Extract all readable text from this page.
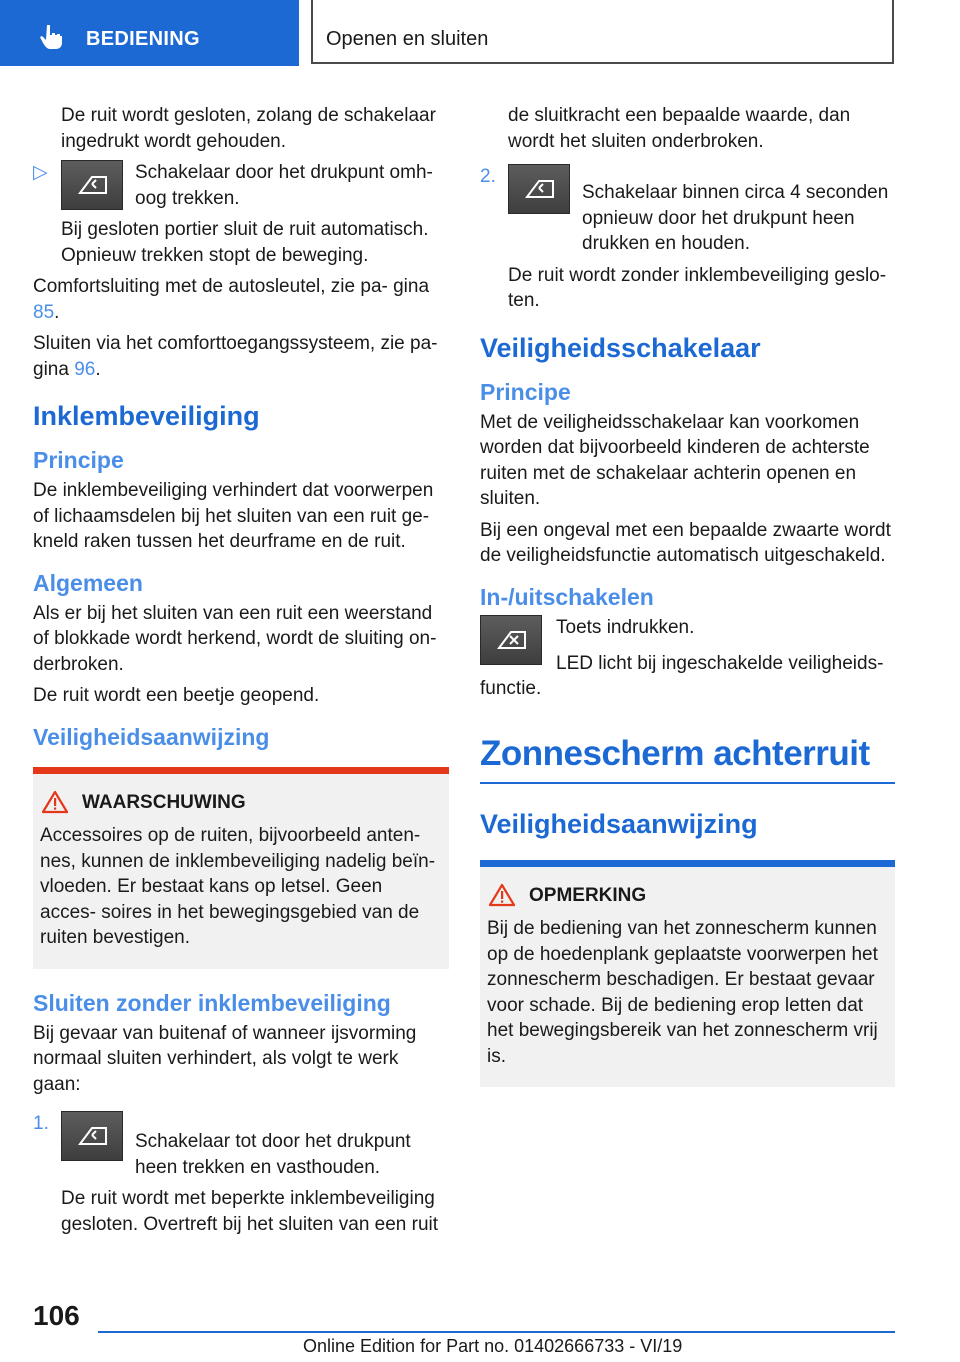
BEDIENING	Openen en sluiten

De ruit wordt gesloten, zolang de schakelaar ingedrukt wordt gehouden.

▷	Schakelaar door het drukpunt omh- oog trekken.

Bij gesloten portier sluit de ruit automatisch. Opnieuw trekken stopt de beweging.

Comfortsluiting met de autosleutel, zie pa- gina 85.

Sluiten via het comforttoegangssysteem, zie pa- gina 96.

Inklembeveiliging
Principe

De inklembeveiliging verhindert dat voorwerpen of lichaamsdelen bij het sluiten van een ruit ge- kneld raken tussen het deurframe en de ruit.

Algemeen

Als er bij het sluiten van een ruit een weerstand of blokkade wordt herkend, wordt de sluiting on- derbroken.

De ruit wordt een beetje geopend.

Veiligheidsaanwijzing
WAARSCHUWING
Accessoires op de ruiten, bijvoorbeeld anten- nes, kunnen de inklembeveiliging nadelig beïn- vloeden. Er bestaat kans op letsel. Geen acces- soires in het bewegingsgebied van de ruiten bevestigen.
Sluiten zonder inklembeveiliging

Bij gevaar van buitenaf of wanneer ijsvorming normaal sluiten verhindert, als volgt te werk gaan:

1.
Schakelaar tot door het drukpunt heen trekken en vasthouden.

De ruit wordt met beperkte inklembeveiliging gesloten. Overtreft bij het sluiten van een ruit

de sluitkracht een bepaalde waarde, dan wordt het sluiten onderbroken.

2.
Schakelaar binnen circa 4 seconden opnieuw door het drukpunt heen drukken en houden.

De ruit wordt zonder inklembeveiliging geslo- ten.

Veiligheidsschakelaar
Principe

Met de veiligheidsschakelaar kan voorkomen worden dat bijvoorbeeld kinderen de achterste ruiten met de schakelaar achterin openen en sluiten.

Bij een ongeval met een bepaalde zwaarte wordt de veiligheidsfunctie automatisch uitgeschakeld.

In-/uitschakelen

Toets indrukken.

LED licht bij ingeschakelde veiligheids- functie.

Zonnescherm achterruit
Veiligheidsaanwijzing
OPMERKING
Bij de bediening van het zonnescherm kunnen op de hoedenplank geplaatste voorwerpen het zonnescherm beschadigen. Er bestaat gevaar voor schade. Bij de bediening erop letten dat het bewegingsbereik van het zonnescherm vrij is.
106
Online Edition for Part no. 01402666733 - VI/19
